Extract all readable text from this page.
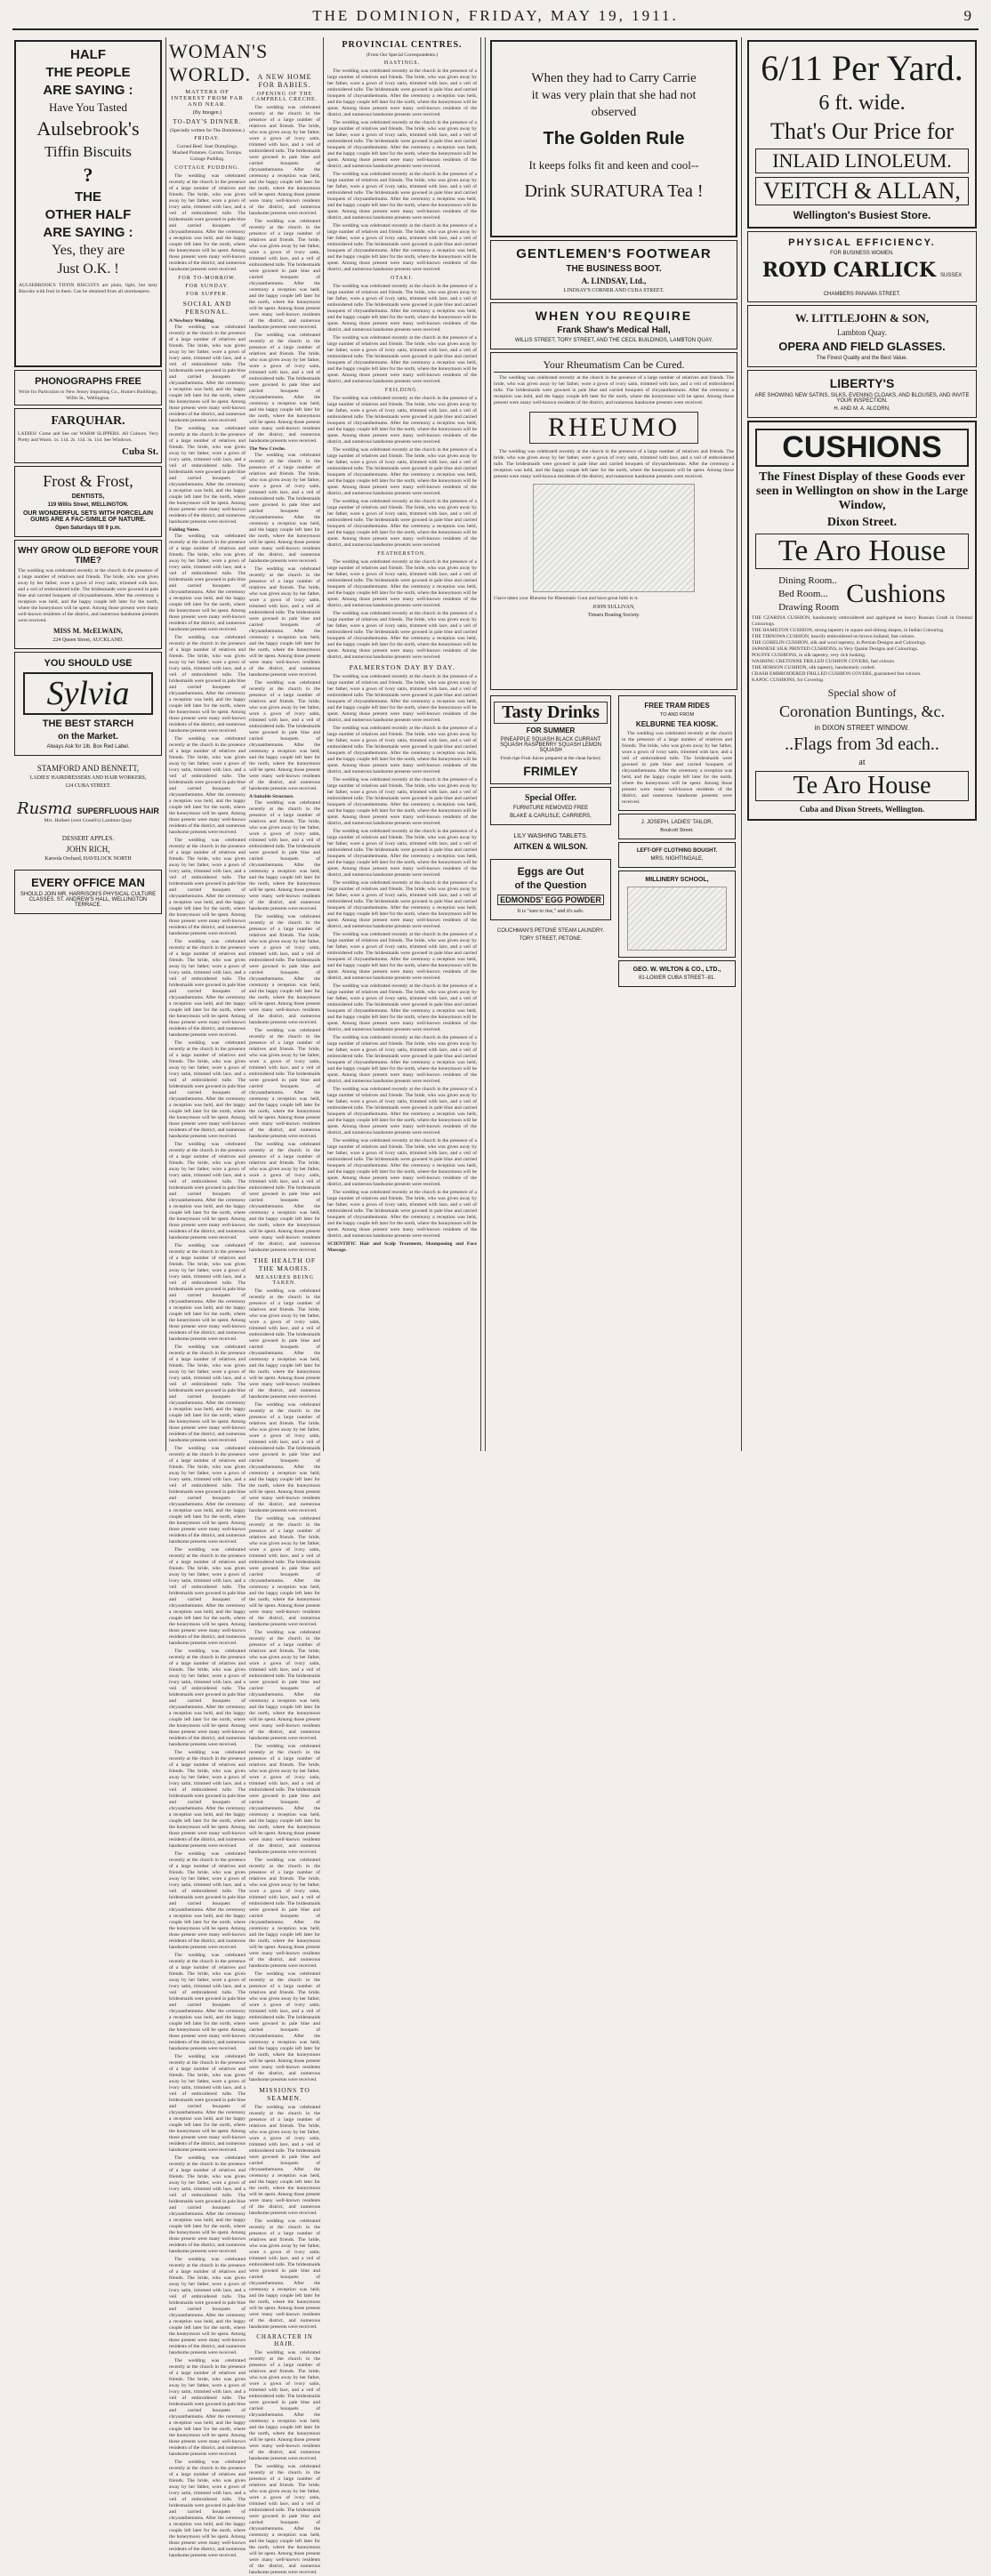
THE DOMINION, FRIDAY, MAY 19, 1911.	9
HALF
THE PEOPLE
ARE SAYING :
Have You Tasted
Aulsebrook's
Tiffin Biscuits
?
THE
OTHER HALF
ARE SAYING :
Yes, they are
Just O.K. !
AULSEBROOK'S TIFFIN BISCUITS are plain, light, but tasty Biscuits with fruit in them. Can be obtained from all storekeepers.
PHONOGRAPHS FREE
Write for Particulars to New Jersey Importing Co., Hume's Buildings, Willis St., Wellington.
FARQUHAR.
LADIES! Come and See our WARM SLIPPERS. All Colours. Very Pretty and Warm. 1s. 11d. 2s. 11d. 3s. 11d. See Windows.
Cuba St.
Frost & Frost,
DENTISTS,
119 Willis Street, WELLINGTON.
OUR WONDERFUL SETS WITH PORCELAIN GUMS ARE A FAC-SIMILE OF NATURE.
Open Saturdays till 9 p.m.
WHY GROW OLD BEFORE YOUR TIME?
The wedding was celebrated recently at the church in the presence of a large number of relatives and friends. The bride, who was given away by her father, wore a gown of ivory satin, trimmed with lace, and a veil of embroidered tulle. The bridesmaids were gowned in pale blue and carried bouquets of chrysanthemums. After the ceremony a reception was held, and the happy couple left later for the north, where the honeymoon will be spent. Among those present were many well-known residents of the district, and numerous handsome presents were received.
MISS M. McELWAIN,
224 Queen Street, AUCKLAND.
YOU SHOULD USE
Sylvia
THE BEST STARCH
on the Market.
Always Ask for 1lb. Box Red Label.
STAMFORD AND BENNETT,
LADIES' HAIRDRESSERS AND HAIR WORKERS,
124 CUBA STREET.
Rusma SUPERFLUOUS HAIR
Mrs. Hulbert (over Gonell's) Lambton Quay
DESSERT APPLES.
JOHN RICH,
Karoola Orchard, HAVELOCK NORTH
EVERY OFFICE MAN
SHOULD JOIN MR. HARRISON'S PHYSICAL CULTURE CLASSES. ST. ANDREW'S HALL, WELLINGTON TERRACE.
WOMAN'S WORLD.
MATTERS OF INTEREST FROM FAR AND NEAR.
(By Imogen.)
TO-DAY'S DINNER.
(Specially written for The Dominion.)
FRIDAY.
Corned Beef. Suet Dumplings. Mashed Potatoes. Carrots. Turnips. Cottage Pudding.
COTTAGE PUDDING.
The wedding was celebrated recently at the church in the presence of a large number of relatives and friends. The bride, who was given away by her father, wore a gown of ivory satin, trimmed with lace, and a veil of embroidered tulle. The bridesmaids were gowned in pale blue and carried bouquets of chrysanthemums. After the ceremony a reception was held, and the happy couple left later for the north, where the honeymoon will be spent. Among those present were many well-known residents of the district, and numerous handsome presents were received.
FOR TO-MORROW.
FOR SUNDAY.
FOR SUPPER.
SOCIAL AND PERSONAL.
A Newbury Wedding.
The wedding was celebrated recently at the church in the presence of a large number of relatives and friends. The bride, who was given away by her father, wore a gown of ivory satin, trimmed with lace, and a veil of embroidered tulle. The bridesmaids were gowned in pale blue and carried bouquets of chrysanthemums. After the ceremony a reception was held, and the happy couple left later for the north, where the honeymoon will be spent. Among those present were many well-known residents of the district, and numerous handsome presents were received.
The wedding was celebrated recently at the church in the presence of a large number of relatives and friends. The bride, who was given away by her father, wore a gown of ivory satin, trimmed with lace, and a veil of embroidered tulle. The bridesmaids were gowned in pale blue and carried bouquets of chrysanthemums. After the ceremony a reception was held, and the happy couple left later for the north, where the honeymoon will be spent. Among those present were many well-known residents of the district, and numerous handsome presents were received.
Folding Notes.
The wedding was celebrated recently at the church in the presence of a large number of relatives and friends. The bride, who was given away by her father, wore a gown of ivory satin, trimmed with lace, and a veil of embroidered tulle. The bridesmaids were gowned in pale blue and carried bouquets of chrysanthemums. After the ceremony a reception was held, and the happy couple left later for the north, where the honeymoon will be spent. Among those present were many well-known residents of the district, and numerous handsome presents were received.
The wedding was celebrated recently at the church in the presence of a large number of relatives and friends. The bride, who was given away by her father, wore a gown of ivory satin, trimmed with lace, and a veil of embroidered tulle. The bridesmaids were gowned in pale blue and carried bouquets of chrysanthemums. After the ceremony a reception was held, and the happy couple left later for the north, where the honeymoon will be spent. Among those present were many well-known residents of the district, and numerous handsome presents were received.
The wedding was celebrated recently at the church in the presence of a large number of relatives and friends. The bride, who was given away by her father, wore a gown of ivory satin, trimmed with lace, and a veil of embroidered tulle. The bridesmaids were gowned in pale blue and carried bouquets of chrysanthemums. After the ceremony a reception was held, and the happy couple left later for the north, where the honeymoon will be spent. Among those present were many well-known residents of the district, and numerous handsome presents were received.
The wedding was celebrated recently at the church in the presence of a large number of relatives and friends. The bride, who was given away by her father, wore a gown of ivory satin, trimmed with lace, and a veil of embroidered tulle. The bridesmaids were gowned in pale blue and carried bouquets of chrysanthemums. After the ceremony a reception was held, and the happy couple left later for the north, where the honeymoon will be spent. Among those present were many well-known residents of the district, and numerous handsome presents were received.
The wedding was celebrated recently at the church in the presence of a large number of relatives and friends. The bride, who was given away by her father, wore a gown of ivory satin, trimmed with lace, and a veil of embroidered tulle. The bridesmaids were gowned in pale blue and carried bouquets of chrysanthemums. After the ceremony a reception was held, and the happy couple left later for the north, where the honeymoon will be spent. Among those present were many well-known residents of the district, and numerous handsome presents were received.
The wedding was celebrated recently at the church in the presence of a large number of relatives and friends. The bride, who was given away by her father, wore a gown of ivory satin, trimmed with lace, and a veil of embroidered tulle. The bridesmaids were gowned in pale blue and carried bouquets of chrysanthemums. After the ceremony a reception was held, and the happy couple left later for the north, where the honeymoon will be spent. Among those present were many well-known residents of the district, and numerous handsome presents were received.
The wedding was celebrated recently at the church in the presence of a large number of relatives and friends. The bride, who was given away by her father, wore a gown of ivory satin, trimmed with lace, and a veil of embroidered tulle. The bridesmaids were gowned in pale blue and carried bouquets of chrysanthemums. After the ceremony a reception was held, and the happy couple left later for the north, where the honeymoon will be spent. Among those present were many well-known residents of the district, and numerous handsome presents were received.
The wedding was celebrated recently at the church in the presence of a large number of relatives and friends. The bride, who was given away by her father, wore a gown of ivory satin, trimmed with lace, and a veil of embroidered tulle. The bridesmaids were gowned in pale blue and carried bouquets of chrysanthemums. After the ceremony a reception was held, and the happy couple left later for the north, where the honeymoon will be spent. Among those present were many well-known residents of the district, and numerous handsome presents were received.
The wedding was celebrated recently at the church in the presence of a large number of relatives and friends. The bride, who was given away by her father, wore a gown of ivory satin, trimmed with lace, and a veil of embroidered tulle. The bridesmaids were gowned in pale blue and carried bouquets of chrysanthemums. After the ceremony a reception was held, and the happy couple left later for the north, where the honeymoon will be spent. Among those present were many well-known residents of the district, and numerous handsome presents were received.
The wedding was celebrated recently at the church in the presence of a large number of relatives and friends. The bride, who was given away by her father, wore a gown of ivory satin, trimmed with lace, and a veil of embroidered tulle. The bridesmaids were gowned in pale blue and carried bouquets of chrysanthemums. After the ceremony a reception was held, and the happy couple left later for the north, where the honeymoon will be spent. Among those present were many well-known residents of the district, and numerous handsome presents were received.
The wedding was celebrated recently at the church in the presence of a large number of relatives and friends. The bride, who was given away by her father, wore a gown of ivory satin, trimmed with lace, and a veil of embroidered tulle. The bridesmaids were gowned in pale blue and carried bouquets of chrysanthemums. After the ceremony a reception was held, and the happy couple left later for the north, where the honeymoon will be spent. Among those present were many well-known residents of the district, and numerous handsome presents were received.
The wedding was celebrated recently at the church in the presence of a large number of relatives and friends. The bride, who was given away by her father, wore a gown of ivory satin, trimmed with lace, and a veil of embroidered tulle. The bridesmaids were gowned in pale blue and carried bouquets of chrysanthemums. After the ceremony a reception was held, and the happy couple left later for the north, where the honeymoon will be spent. Among those present were many well-known residents of the district, and numerous handsome presents were received.
The wedding was celebrated recently at the church in the presence of a large number of relatives and friends. The bride, who was given away by her father, wore a gown of ivory satin, trimmed with lace, and a veil of embroidered tulle. The bridesmaids were gowned in pale blue and carried bouquets of chrysanthemums. After the ceremony a reception was held, and the happy couple left later for the north, where the honeymoon will be spent. Among those present were many well-known residents of the district, and numerous handsome presents were received.
The wedding was celebrated recently at the church in the presence of a large number of relatives and friends. The bride, who was given away by her father, wore a gown of ivory satin, trimmed with lace, and a veil of embroidered tulle. The bridesmaids were gowned in pale blue and carried bouquets of chrysanthemums. After the ceremony a reception was held, and the happy couple left later for the north, where the honeymoon will be spent. Among those present were many well-known residents of the district, and numerous handsome presents were received.
The wedding was celebrated recently at the church in the presence of a large number of relatives and friends. The bride, who was given away by her father, wore a gown of ivory satin, trimmed with lace, and a veil of embroidered tulle. The bridesmaids were gowned in pale blue and carried bouquets of chrysanthemums. After the ceremony a reception was held, and the happy couple left later for the north, where the honeymoon will be spent. Among those present were many well-known residents of the district, and numerous handsome presents were received.
The wedding was celebrated recently at the church in the presence of a large number of relatives and friends. The bride, who was given away by her father, wore a gown of ivory satin, trimmed with lace, and a veil of embroidered tulle. The bridesmaids were gowned in pale blue and carried bouquets of chrysanthemums. After the ceremony a reception was held, and the happy couple left later for the north, where the honeymoon will be spent. Among those present were many well-known residents of the district, and numerous handsome presents were received.
The wedding was celebrated recently at the church in the presence of a large number of relatives and friends. The bride, who was given away by her father, wore a gown of ivory satin, trimmed with lace, and a veil of embroidered tulle. The bridesmaids were gowned in pale blue and carried bouquets of chrysanthemums. After the ceremony a reception was held, and the happy couple left later for the north, where the honeymoon will be spent. Among those present were many well-known residents of the district, and numerous handsome presents were received.
The wedding was celebrated recently at the church in the presence of a large number of relatives and friends. The bride, who was given away by her father, wore a gown of ivory satin, trimmed with lace, and a veil of embroidered tulle. The bridesmaids were gowned in pale blue and carried bouquets of chrysanthemums. After the ceremony a reception was held, and the happy couple left later for the north, where the honeymoon will be spent. Among those present were many well-known residents of the district, and numerous handsome presents were received.
The wedding was celebrated recently at the church in the presence of a large number of relatives and friends. The bride, who was given away by her father, wore a gown of ivory satin, trimmed with lace, and a veil of embroidered tulle. The bridesmaids were gowned in pale blue and carried bouquets of chrysanthemums. After the ceremony a reception was held, and the happy couple left later for the north, where the honeymoon will be spent. Among those present were many well-known residents of the district, and numerous handsome presents were received.
The wedding was celebrated recently at the church in the presence of a large number of relatives and friends. The bride, who was given away by her father, wore a gown of ivory satin, trimmed with lace, and a veil of embroidered tulle. The bridesmaids were gowned in pale blue and carried bouquets of chrysanthemums. After the ceremony a reception was held, and the happy couple left later for the north, where the honeymoon will be spent. Among those present were many well-known residents of the district, and numerous handsome presents were received.
A NEW HOME FOR BABIES.
OPENING OF THE CAMPBELL CRECHE.
The wedding was celebrated recently at the church in the presence of a large number of relatives and friends. The bride, who was given away by her father, wore a gown of ivory satin, trimmed with lace, and a veil of embroidered tulle. The bridesmaids were gowned in pale blue and carried bouquets of chrysanthemums. After the ceremony a reception was held, and the happy couple left later for the north, where the honeymoon will be spent. Among those present were many well-known residents of the district, and numerous handsome presents were received.
The wedding was celebrated recently at the church in the presence of a large number of relatives and friends. The bride, who was given away by her father, wore a gown of ivory satin, trimmed with lace, and a veil of embroidered tulle. The bridesmaids were gowned in pale blue and carried bouquets of chrysanthemums. After the ceremony a reception was held, and the happy couple left later for the north, where the honeymoon will be spent. Among those present were many well-known residents of the district, and numerous handsome presents were received.
The wedding was celebrated recently at the church in the presence of a large number of relatives and friends. The bride, who was given away by her father, wore a gown of ivory satin, trimmed with lace, and a veil of embroidered tulle. The bridesmaids were gowned in pale blue and carried bouquets of chrysanthemums. After the ceremony a reception was held, and the happy couple left later for the north, where the honeymoon will be spent. Among those present were many well-known residents of the district, and numerous handsome presents were received.
The New Creche.
The wedding was celebrated recently at the church in the presence of a large number of relatives and friends. The bride, who was given away by her father, wore a gown of ivory satin, trimmed with lace, and a veil of embroidered tulle. The bridesmaids were gowned in pale blue and carried bouquets of chrysanthemums. After the ceremony a reception was held, and the happy couple left later for the north, where the honeymoon will be spent. Among those present were many well-known residents of the district, and numerous handsome presents were received.
The wedding was celebrated recently at the church in the presence of a large number of relatives and friends. The bride, who was given away by her father, wore a gown of ivory satin, trimmed with lace, and a veil of embroidered tulle. The bridesmaids were gowned in pale blue and carried bouquets of chrysanthemums. After the ceremony a reception was held, and the happy couple left later for the north, where the honeymoon will be spent. Among those present were many well-known residents of the district, and numerous handsome presents were received.
The wedding was celebrated recently at the church in the presence of a large number of relatives and friends. The bride, who was given away by her father, wore a gown of ivory satin, trimmed with lace, and a veil of embroidered tulle. The bridesmaids were gowned in pale blue and carried bouquets of chrysanthemums. After the ceremony a reception was held, and the happy couple left later for the north, where the honeymoon will be spent. Among those present were many well-known residents of the district, and numerous handsome presents were received.
A Suitable Structure.
The wedding was celebrated recently at the church in the presence of a large number of relatives and friends. The bride, who was given away by her father, wore a gown of ivory satin, trimmed with lace, and a veil of embroidered tulle. The bridesmaids were gowned in pale blue and carried bouquets of chrysanthemums. After the ceremony a reception was held, and the happy couple left later for the north, where the honeymoon will be spent. Among those present were many well-known residents of the district, and numerous handsome presents were received.
The wedding was celebrated recently at the church in the presence of a large number of relatives and friends. The bride, who was given away by her father, wore a gown of ivory satin, trimmed with lace, and a veil of embroidered tulle. The bridesmaids were gowned in pale blue and carried bouquets of chrysanthemums. After the ceremony a reception was held, and the happy couple left later for the north, where the honeymoon will be spent. Among those present were many well-known residents of the district, and numerous handsome presents were received.
The wedding was celebrated recently at the church in the presence of a large number of relatives and friends. The bride, who was given away by her father, wore a gown of ivory satin, trimmed with lace, and a veil of embroidered tulle. The bridesmaids were gowned in pale blue and carried bouquets of chrysanthemums. After the ceremony a reception was held, and the happy couple left later for the north, where the honeymoon will be spent. Among those present were many well-known residents of the district, and numerous handsome presents were received.
The wedding was celebrated recently at the church in the presence of a large number of relatives and friends. The bride, who was given away by her father, wore a gown of ivory satin, trimmed with lace, and a veil of embroidered tulle. The bridesmaids were gowned in pale blue and carried bouquets of chrysanthemums. After the ceremony a reception was held, and the happy couple left later for the north, where the honeymoon will be spent. Among those present were many well-known residents of the district, and numerous handsome presents were received.
THE HEALTH OF THE MAORIS.
MEASURES BEING TAKEN.
The wedding was celebrated recently at the church in the presence of a large number of relatives and friends. The bride, who was given away by her father, wore a gown of ivory satin, trimmed with lace, and a veil of embroidered tulle. The bridesmaids were gowned in pale blue and carried bouquets of chrysanthemums. After the ceremony a reception was held, and the happy couple left later for the north, where the honeymoon will be spent. Among those present were many well-known residents of the district, and numerous handsome presents were received.
The wedding was celebrated recently at the church in the presence of a large number of relatives and friends. The bride, who was given away by her father, wore a gown of ivory satin, trimmed with lace, and a veil of embroidered tulle. The bridesmaids were gowned in pale blue and carried bouquets of chrysanthemums. After the ceremony a reception was held, and the happy couple left later for the north, where the honeymoon will be spent. Among those present were many well-known residents of the district, and numerous handsome presents were received.
The wedding was celebrated recently at the church in the presence of a large number of relatives and friends. The bride, who was given away by her father, wore a gown of ivory satin, trimmed with lace, and a veil of embroidered tulle. The bridesmaids were gowned in pale blue and carried bouquets of chrysanthemums. After the ceremony a reception was held, and the happy couple left later for the north, where the honeymoon will be spent. Among those present were many well-known residents of the district, and numerous handsome presents were received.
The wedding was celebrated recently at the church in the presence of a large number of relatives and friends. The bride, who was given away by her father, wore a gown of ivory satin, trimmed with lace, and a veil of embroidered tulle. The bridesmaids were gowned in pale blue and carried bouquets of chrysanthemums. After the ceremony a reception was held, and the happy couple left later for the north, where the honeymoon will be spent. Among those present were many well-known residents of the district, and numerous handsome presents were received.
The wedding was celebrated recently at the church in the presence of a large number of relatives and friends. The bride, who was given away by her father, wore a gown of ivory satin, trimmed with lace, and a veil of embroidered tulle. The bridesmaids were gowned in pale blue and carried bouquets of chrysanthemums. After the ceremony a reception was held, and the happy couple left later for the north, where the honeymoon will be spent. Among those present were many well-known residents of the district, and numerous handsome presents were received.
The wedding was celebrated recently at the church in the presence of a large number of relatives and friends. The bride, who was given away by her father, wore a gown of ivory satin, trimmed with lace, and a veil of embroidered tulle. The bridesmaids were gowned in pale blue and carried bouquets of chrysanthemums. After the ceremony a reception was held, and the happy couple left later for the north, where the honeymoon will be spent. Among those present were many well-known residents of the district, and numerous handsome presents were received.
The wedding was celebrated recently at the church in the presence of a large number of relatives and friends. The bride, who was given away by her father, wore a gown of ivory satin, trimmed with lace, and a veil of embroidered tulle. The bridesmaids were gowned in pale blue and carried bouquets of chrysanthemums. After the ceremony a reception was held, and the happy couple left later for the north, where the honeymoon will be spent. Among those present were many well-known residents of the district, and numerous handsome presents were received.
MISSIONS TO SEAMEN.
The wedding was celebrated recently at the church in the presence of a large number of relatives and friends. The bride, who was given away by her father, wore a gown of ivory satin, trimmed with lace, and a veil of embroidered tulle. The bridesmaids were gowned in pale blue and carried bouquets of chrysanthemums. After the ceremony a reception was held, and the happy couple left later for the north, where the honeymoon will be spent. Among those present were many well-known residents of the district, and numerous handsome presents were received.
The wedding was celebrated recently at the church in the presence of a large number of relatives and friends. The bride, who was given away by her father, wore a gown of ivory satin, trimmed with lace, and a veil of embroidered tulle. The bridesmaids were gowned in pale blue and carried bouquets of chrysanthemums. After the ceremony a reception was held, and the happy couple left later for the north, where the honeymoon will be spent. Among those present were many well-known residents of the district, and numerous handsome presents were received.
CHARACTER IN HAIR.
The wedding was celebrated recently at the church in the presence of a large number of relatives and friends. The bride, who was given away by her father, wore a gown of ivory satin, trimmed with lace, and a veil of embroidered tulle. The bridesmaids were gowned in pale blue and carried bouquets of chrysanthemums. After the ceremony a reception was held, and the happy couple left later for the north, where the honeymoon will be spent. Among those present were many well-known residents of the district, and numerous handsome presents were received.
The wedding was celebrated recently at the church in the presence of a large number of relatives and friends. The bride, who was given away by her father, wore a gown of ivory satin, trimmed with lace, and a veil of embroidered tulle. The bridesmaids were gowned in pale blue and carried bouquets of chrysanthemums. After the ceremony a reception was held, and the happy couple left later for the north, where the honeymoon will be spent. Among those present were many well-known residents of the district, and numerous handsome presents were received.
When they had to Carry Carrie
it was very plain that she had not
observed
The Golden Rule
It keeps folks fit and keen and cool--
Drink SURATURA Tea !
GENTLEMEN'S FOOTWEAR
THE BUSINESS BOOT.
A. LINDSAY, Ltd.,
LINDSAY'S CORNER AND CUBA STREET.
WHEN YOU REQUIRE
Frank Shaw's Medical Hall,
WILLIS STREET, TORY STREET, AND THE CECIL BUILDINGS, LAMBTON QUAY.
Your Rheumatism Can be Cured.
The wedding was celebrated recently at the church in the presence of a large number of relatives and friends. The bride, who was given away by her father, wore a gown of ivory satin, trimmed with lace, and a veil of embroidered tulle. The bridesmaids were gowned in pale blue and carried bouquets of chrysanthemums. After the ceremony a reception was held, and the happy couple left later for the north, where the honeymoon will be spent. Among those present were many well-known residents of the district, and numerous handsome presents were received.
RHEUMO
The wedding was celebrated recently at the church in the presence of a large number of relatives and friends. The bride, who was given away by her father, wore a gown of ivory satin, trimmed with lace, and a veil of embroidered tulle. The bridesmaids were gowned in pale blue and carried bouquets of chrysanthemums. After the ceremony a reception was held, and the happy couple left later for the north, where the honeymoon will be spent. Among those present were many well-known residents of the district, and numerous handsome presents were received.
I have taken your Rheumo for Rheumatic Gout and have great faith in it.
JOHN SULLIVAN,
Timaru Boating Society.
Tasty Drinks
FOR SUMMER
PINEAPPLE SQUASH BLACK CURRANT SQUASH RASPBERRY SQUASH LEMON SQUASH
Fresh ripe Fruit Juices prepared at the clean factory
FRIMLEY
Special Offer.
FURNITURE REMOVED FREE
BLAKE & CARLISLE, CARRIERS,
LILY WASHING TABLETS.
AITKEN & WILSON.
Eggs are Out
of the Question
EDMONDS' EGG POWDER
It is "sure to rise," and it's safe.
COUCHMAN'S PETONE STEAM LAUNDRY.
TORY STREET, PETONE.
FREE TRAM RIDES
TO AND FROM
KELBURNE TEA KIOSK.
The wedding was celebrated recently at the church in the presence of a large number of relatives and friends. The bride, who was given away by her father, wore a gown of ivory satin, trimmed with lace, and a veil of embroidered tulle. The bridesmaids were gowned in pale blue and carried bouquets of chrysanthemums. After the ceremony a reception was held, and the happy couple left later for the north, where the honeymoon will be spent. Among those present were many well-known residents of the district, and numerous handsome presents were received.
J. JOSEPH, LADIES' TAILOR,
Boulcott Street.
LEFT-OFF CLOTHING BOUGHT.
MRS. NIGHTINGALE,
MILLINERY SCHOOL,
GEO. W. WILTON & CO., LTD.,
81-LOWER CUBA STREET--81.
6/11 Per Yard.
6 ft. wide.
That's Our Price for
INLAID LINOLEUM.
VEITCH & ALLAN,
Wellington's Busiest Store.
PHYSICAL EFFICIENCY.
FOR BUSINESS WOMEN.
ROYD CARLICK SUSSEX CHAMBERS PANAMA STREET.
W. LITTLEJOHN & SON,
Lambton Quay.
OPERA AND FIELD GLASSES.
The Finest Quality and the Best Value.
LIBERTY'S
ARE SHOWING NEW SATINS, SILKS, EVENING CLOAKS, AND BLOUSES, AND INVITE YOUR INSPECTION.
H. AND M. A. ALCORN,
CUSHIONS
The Finest Display of these Goods ever seen in Wellington on show in the Large Window,
Dixon Street.
Te Aro House
Dining Room..
Bed Room...
Drawing Room Cushions
THE CZARINA CUSHION, handsomely embroidered and appliqued on heavy Russian Crash in Oriental Colourings.
THE HAMILTON CUSHION, strong tapestry in square and oblong shapes, in Indian Colouring.
THE TIRNOWA CUSHION, heavily embroidered on brown holland, fast colours.
THE GOBELIN CUSHION, silk and wool tapestry, in Persian Designs and Colourings.
JAPANESE SILK PRINTED CUSHIONS, in Very Quaint Designs and Colourings.
POUFFE CUSHIONS, in silk tapestry, very rich looking.
WASHING CRETONNE FRILLED CUSHION COVERS, fast colours.
THE HOBSON CUSHION, silk tapestry, handsomely corded.
CRASH EMBROIDERED FRILLED CUSHION COVERS, guaranteed fast colours.
KAPOC CUSHIONS, for Covering.
Special show of
Coronation Buntings, &c.
in DIXON STREET WINDOW.
..Flags from 3d each..
at
Te Aro House
Cuba and Dixon Streets, Wellington.
PROVINCIAL CENTRES.
(From Our Special Correspondents.)
HASTINGS.
The wedding was celebrated recently at the church in the presence of a large number of relatives and friends. The bride, who was given away by her father, wore a gown of ivory satin, trimmed with lace, and a veil of embroidered tulle. The bridesmaids were gowned in pale blue and carried bouquets of chrysanthemums. After the ceremony a reception was held, and the happy couple left later for the north, where the honeymoon will be spent. Among those present were many well-known residents of the district, and numerous handsome presents were received.
The wedding was celebrated recently at the church in the presence of a large number of relatives and friends. The bride, who was given away by her father, wore a gown of ivory satin, trimmed with lace, and a veil of embroidered tulle. The bridesmaids were gowned in pale blue and carried bouquets of chrysanthemums. After the ceremony a reception was held, and the happy couple left later for the north, where the honeymoon will be spent. Among those present were many well-known residents of the district, and numerous handsome presents were received.
The wedding was celebrated recently at the church in the presence of a large number of relatives and friends. The bride, who was given away by her father, wore a gown of ivory satin, trimmed with lace, and a veil of embroidered tulle. The bridesmaids were gowned in pale blue and carried bouquets of chrysanthemums. After the ceremony a reception was held, and the happy couple left later for the north, where the honeymoon will be spent. Among those present were many well-known residents of the district, and numerous handsome presents were received.
The wedding was celebrated recently at the church in the presence of a large number of relatives and friends. The bride, who was given away by her father, wore a gown of ivory satin, trimmed with lace, and a veil of embroidered tulle. The bridesmaids were gowned in pale blue and carried bouquets of chrysanthemums. After the ceremony a reception was held, and the happy couple left later for the north, where the honeymoon will be spent. Among those present were many well-known residents of the district, and numerous handsome presents were received.
OTAKI.
The wedding was celebrated recently at the church in the presence of a large number of relatives and friends. The bride, who was given away by her father, wore a gown of ivory satin, trimmed with lace, and a veil of embroidered tulle. The bridesmaids were gowned in pale blue and carried bouquets of chrysanthemums. After the ceremony a reception was held, and the happy couple left later for the north, where the honeymoon will be spent. Among those present were many well-known residents of the district, and numerous handsome presents were received.
The wedding was celebrated recently at the church in the presence of a large number of relatives and friends. The bride, who was given away by her father, wore a gown of ivory satin, trimmed with lace, and a veil of embroidered tulle. The bridesmaids were gowned in pale blue and carried bouquets of chrysanthemums. After the ceremony a reception was held, and the happy couple left later for the north, where the honeymoon will be spent. Among those present were many well-known residents of the district, and numerous handsome presents were received.
FEILDING.
The wedding was celebrated recently at the church in the presence of a large number of relatives and friends. The bride, who was given away by her father, wore a gown of ivory satin, trimmed with lace, and a veil of embroidered tulle. The bridesmaids were gowned in pale blue and carried bouquets of chrysanthemums. After the ceremony a reception was held, and the happy couple left later for the north, where the honeymoon will be spent. Among those present were many well-known residents of the district, and numerous handsome presents were received.
The wedding was celebrated recently at the church in the presence of a large number of relatives and friends. The bride, who was given away by her father, wore a gown of ivory satin, trimmed with lace, and a veil of embroidered tulle. The bridesmaids were gowned in pale blue and carried bouquets of chrysanthemums. After the ceremony a reception was held, and the happy couple left later for the north, where the honeymoon will be spent. Among those present were many well-known residents of the district, and numerous handsome presents were received.
The wedding was celebrated recently at the church in the presence of a large number of relatives and friends. The bride, who was given away by her father, wore a gown of ivory satin, trimmed with lace, and a veil of embroidered tulle. The bridesmaids were gowned in pale blue and carried bouquets of chrysanthemums. After the ceremony a reception was held, and the happy couple left later for the north, where the honeymoon will be spent. Among those present were many well-known residents of the district, and numerous handsome presents were received.
FEATHERSTON.
The wedding was celebrated recently at the church in the presence of a large number of relatives and friends. The bride, who was given away by her father, wore a gown of ivory satin, trimmed with lace, and a veil of embroidered tulle. The bridesmaids were gowned in pale blue and carried bouquets of chrysanthemums. After the ceremony a reception was held, and the happy couple left later for the north, where the honeymoon will be spent. Among those present were many well-known residents of the district, and numerous handsome presents were received.
The wedding was celebrated recently at the church in the presence of a large number of relatives and friends. The bride, who was given away by her father, wore a gown of ivory satin, trimmed with lace, and a veil of embroidered tulle. The bridesmaids were gowned in pale blue and carried bouquets of chrysanthemums. After the ceremony a reception was held, and the happy couple left later for the north, where the honeymoon will be spent. Among those present were many well-known residents of the district, and numerous handsome presents were received.
PALMERSTON DAY BY DAY.
The wedding was celebrated recently at the church in the presence of a large number of relatives and friends. The bride, who was given away by her father, wore a gown of ivory satin, trimmed with lace, and a veil of embroidered tulle. The bridesmaids were gowned in pale blue and carried bouquets of chrysanthemums. After the ceremony a reception was held, and the happy couple left later for the north, where the honeymoon will be spent. Among those present were many well-known residents of the district, and numerous handsome presents were received.
The wedding was celebrated recently at the church in the presence of a large number of relatives and friends. The bride, who was given away by her father, wore a gown of ivory satin, trimmed with lace, and a veil of embroidered tulle. The bridesmaids were gowned in pale blue and carried bouquets of chrysanthemums. After the ceremony a reception was held, and the happy couple left later for the north, where the honeymoon will be spent. Among those present were many well-known residents of the district, and numerous handsome presents were received.
The wedding was celebrated recently at the church in the presence of a large number of relatives and friends. The bride, who was given away by her father, wore a gown of ivory satin, trimmed with lace, and a veil of embroidered tulle. The bridesmaids were gowned in pale blue and carried bouquets of chrysanthemums. After the ceremony a reception was held, and the happy couple left later for the north, where the honeymoon will be spent. Among those present were many well-known residents of the district, and numerous handsome presents were received.
The wedding was celebrated recently at the church in the presence of a large number of relatives and friends. The bride, who was given away by her father, wore a gown of ivory satin, trimmed with lace, and a veil of embroidered tulle. The bridesmaids were gowned in pale blue and carried bouquets of chrysanthemums. After the ceremony a reception was held, and the happy couple left later for the north, where the honeymoon will be spent. Among those present were many well-known residents of the district, and numerous handsome presents were received.
The wedding was celebrated recently at the church in the presence of a large number of relatives and friends. The bride, who was given away by her father, wore a gown of ivory satin, trimmed with lace, and a veil of embroidered tulle. The bridesmaids were gowned in pale blue and carried bouquets of chrysanthemums. After the ceremony a reception was held, and the happy couple left later for the north, where the honeymoon will be spent. Among those present were many well-known residents of the district, and numerous handsome presents were received.
The wedding was celebrated recently at the church in the presence of a large number of relatives and friends. The bride, who was given away by her father, wore a gown of ivory satin, trimmed with lace, and a veil of embroidered tulle. The bridesmaids were gowned in pale blue and carried bouquets of chrysanthemums. After the ceremony a reception was held, and the happy couple left later for the north, where the honeymoon will be spent. Among those present were many well-known residents of the district, and numerous handsome presents were received.
The wedding was celebrated recently at the church in the presence of a large number of relatives and friends. The bride, who was given away by her father, wore a gown of ivory satin, trimmed with lace, and a veil of embroidered tulle. The bridesmaids were gowned in pale blue and carried bouquets of chrysanthemums. After the ceremony a reception was held, and the happy couple left later for the north, where the honeymoon will be spent. Among those present were many well-known residents of the district, and numerous handsome presents were received.
The wedding was celebrated recently at the church in the presence of a large number of relatives and friends. The bride, who was given away by her father, wore a gown of ivory satin, trimmed with lace, and a veil of embroidered tulle. The bridesmaids were gowned in pale blue and carried bouquets of chrysanthemums. After the ceremony a reception was held, and the happy couple left later for the north, where the honeymoon will be spent. Among those present were many well-known residents of the district, and numerous handsome presents were received.
The wedding was celebrated recently at the church in the presence of a large number of relatives and friends. The bride, who was given away by her father, wore a gown of ivory satin, trimmed with lace, and a veil of embroidered tulle. The bridesmaids were gowned in pale blue and carried bouquets of chrysanthemums. After the ceremony a reception was held, and the happy couple left later for the north, where the honeymoon will be spent. Among those present were many well-known residents of the district, and numerous handsome presents were received.
The wedding was celebrated recently at the church in the presence of a large number of relatives and friends. The bride, who was given away by her father, wore a gown of ivory satin, trimmed with lace, and a veil of embroidered tulle. The bridesmaids were gowned in pale blue and carried bouquets of chrysanthemums. After the ceremony a reception was held, and the happy couple left later for the north, where the honeymoon will be spent. Among those present were many well-known residents of the district, and numerous handsome presents were received.
The wedding was celebrated recently at the church in the presence of a large number of relatives and friends. The bride, who was given away by her father, wore a gown of ivory satin, trimmed with lace, and a veil of embroidered tulle. The bridesmaids were gowned in pale blue and carried bouquets of chrysanthemums. After the ceremony a reception was held, and the happy couple left later for the north, where the honeymoon will be spent. Among those present were many well-known residents of the district, and numerous handsome presents were received.
SCIENTIFIC Hair and Scalp Treatment, Shampooing and Face Massage.
